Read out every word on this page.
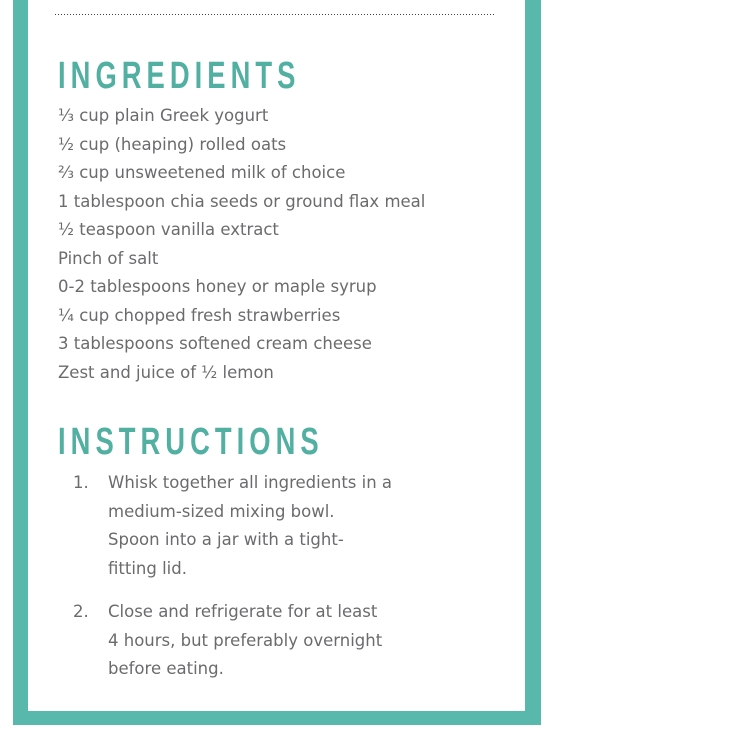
INGREDIENTS
⅓ cup plain Greek yogurt
½ cup (heaping) rolled oats
⅔ cup unsweetened milk of choice
1 tablespoon chia seeds or ground flax meal
½ teaspoon vanilla extract
Pinch of salt
0-2 tablespoons honey or maple syrup
¼ cup chopped fresh strawberries
3 tablespoons softened cream cheese
Zest and juice of ½ lemon
INSTRUCTIONS
1.	Whisk together all ingredients in a
medium-sized mixing bowl.
Spoon into a jar with a tight-
fitting lid.
2.	Close and refrigerate for at least
4 hours, but preferably overnight
before eating.
